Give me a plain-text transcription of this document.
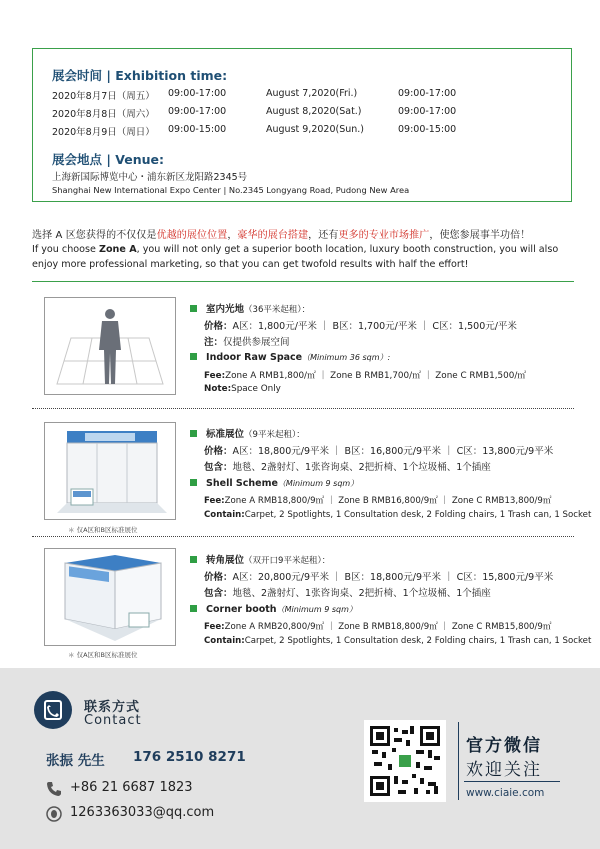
展会时间 | Exhibition time:
2020年8月7日（周五） 09:00-17:00	August 7,2020(Fri.)	09:00-17:00
2020年8月8日（周六） 09:00-17:00	August 8,2020(Sat.)	09:00-17:00
2020年8月9日（周日） 09:00-15:00	August 9,2020(Sun.)	09:00-15:00
展会地点 | Venue:
上海新国际博览中心・浦东新区龙阳路2345号
Shanghai New International Expo Center | No.2345 Longyang Road, Pudong New Area
选择 A 区您获得的不仅仅是优越的展位位置，豪华的展台搭建，还有更多的专业市场推广，使您参展事半功倍！
If you choose Zone A, you will not only get a superior booth location, luxury booth construction, you will also enjoy more professional marketing, so that you can get twofold results with half the effort!
室内光地（36平米起租）：
价格：A区：1,800元/平米 ｜ B区：1,700元/平米 ｜ C区：1,500元/平米
注：仅提供参展空间
Indoor Raw Space（Minimum 36 sqm）:
Fee:Zone A RMB1,800/㎡ ｜ Zone B RMB1,700/㎡ ｜ Zone C RMB1,500/㎡
Note:Space Only
＊ 仅A区和B区标准展位
标准展位（9平米起租）：
价格：A区：18,800元/9平米 ｜ B区：16,800元/9平米 ｜ C区：13,800元/9平米
包含：地毯、2盏射灯、1张咨询桌、2把折椅、1个垃圾桶、1个插座
Shell Scheme（Minimum 9 sqm）
Fee:Zone A RMB18,800/9㎡ ｜ Zone B RMB16,800/9㎡ ｜ Zone C RMB13,800/9㎡
Contain:Carpet, 2 Spotlights, 1 Consultation desk, 2 Folding chairs, 1 Trash can, 1 Socket
＊ 仅A区和B区标准展位
转角展位（双开口9平米起租）：
价格：A区：20,800元/9平米 ｜ B区：18,800元/9平米 ｜ C区：15,800元/9平米
包含：地毯、2盏射灯、1张咨询桌、2把折椅、1个垃圾桶、1个插座
Corner booth（Minimum 9 sqm）
Fee:Zone A RMB20,800/9㎡ ｜ Zone B RMB18,800/9㎡ ｜ Zone C RMB15,800/9㎡
Contain:Carpet, 2 Spotlights, 1 Consultation desk, 2 Folding chairs, 1 Trash can, 1 Socket
联系方式
Contact
张振 先生 176 2510 8271
+86 21 6687 1823
1263363033@qq.com
官方微信
欢迎关注
www.ciaie.com
